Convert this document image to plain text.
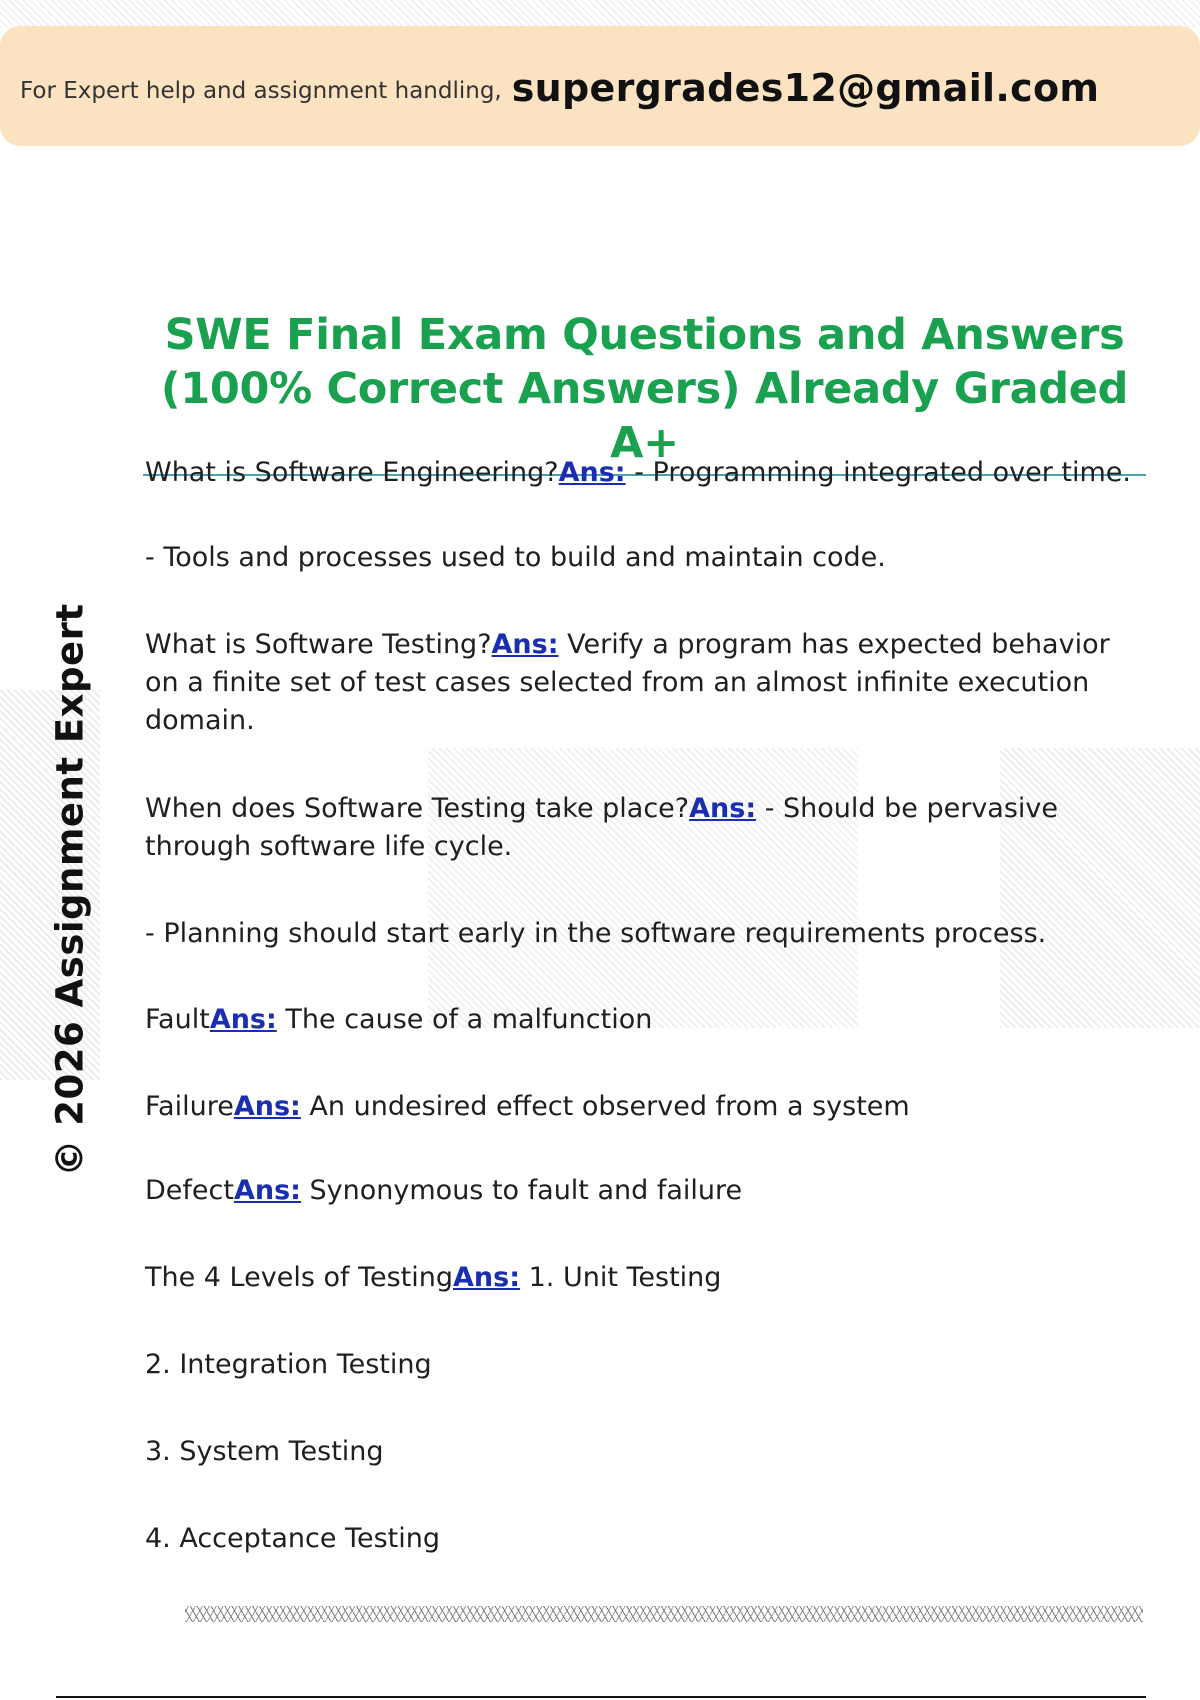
For Expert help and assignment handling, supergrades12@gmail.com
© 2026 Assignment Expert
SWE Final Exam Questions and Answers (100% Correct Answers) Already Graded A+
What is Software Engineering?Ans: - Programming integrated over time.
- Tools and processes used to build and maintain code.
What is Software Testing?Ans: Verify a program has expected behavior on a finite set of test cases selected from an almost infinite execution domain.
When does Software Testing take place?Ans: - Should be pervasive through software life cycle.
- Planning should start early in the software requirements process.
FaultAns: The cause of a malfunction
FailureAns: An undesired effect observed from a system
DefectAns: Synonymous to fault and failure
The 4 Levels of TestingAns: 1. Unit Testing
2. Integration Testing
3. System Testing
4. Acceptance Testing
